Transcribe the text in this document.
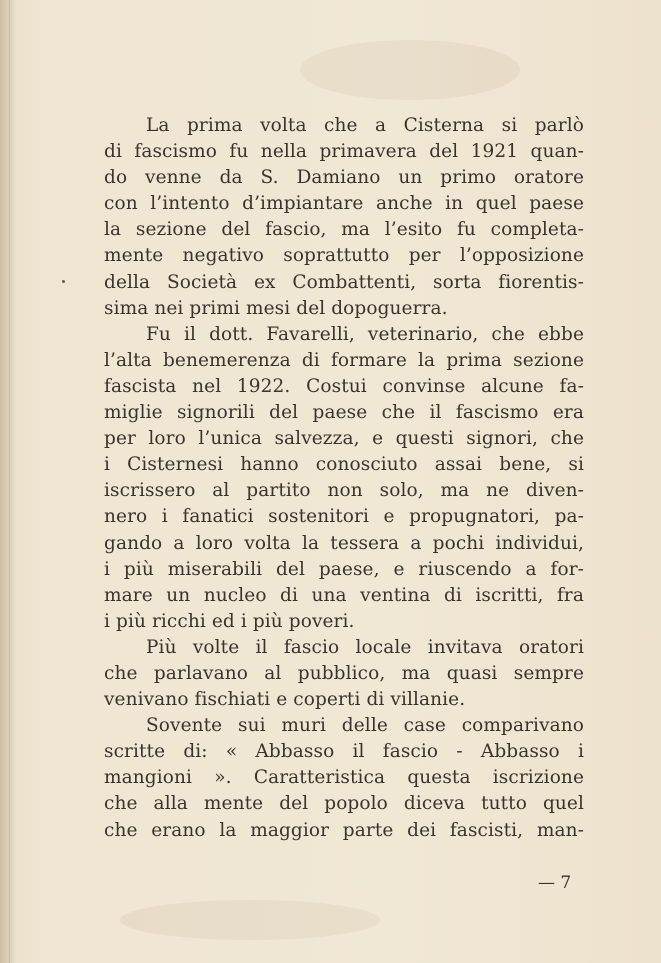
La prima volta che a Cisterna si parlò
di fascismo fu nella primavera del 1921 quan-
do venne da S. Damiano un primo oratore
con l’intento d’impiantare anche in quel paese
la sezione del fascio, ma l’esito fu completa-
mente negativo soprattutto per l’opposizione
della Società ex Combattenti, sorta fiorentis-
sima nei primi mesi del dopoguerra.
Fu il dott. Favarelli, veterinario, che ebbe
l’alta benemerenza di formare la prima sezione
fascista nel 1922. Costui convinse alcune fa-
miglie signorili del paese che il fascismo era
per loro l’unica salvezza, e questi signori, che
i Cisternesi hanno conosciuto assai bene, si
iscrissero al partito non solo, ma ne diven-
nero i fanatici sostenitori e propugnatori, pa-
gando a loro volta la tessera a pochi individui,
i più miserabili del paese, e riuscendo a for-
mare un nucleo di una ventina di iscritti, fra
i più ricchi ed i più poveri.
Più volte il fascio locale invitava oratori
che parlavano al pubblico, ma quasi sempre
venivano fischiati e coperti di villanie.
Sovente sui muri delle case comparivano
scritte di: « Abbasso il fascio - Abbasso i
mangioni ». Caratteristica questa iscrizione
che alla mente del popolo diceva tutto quel
che erano la maggior parte dei fascisti, man-
— 7
